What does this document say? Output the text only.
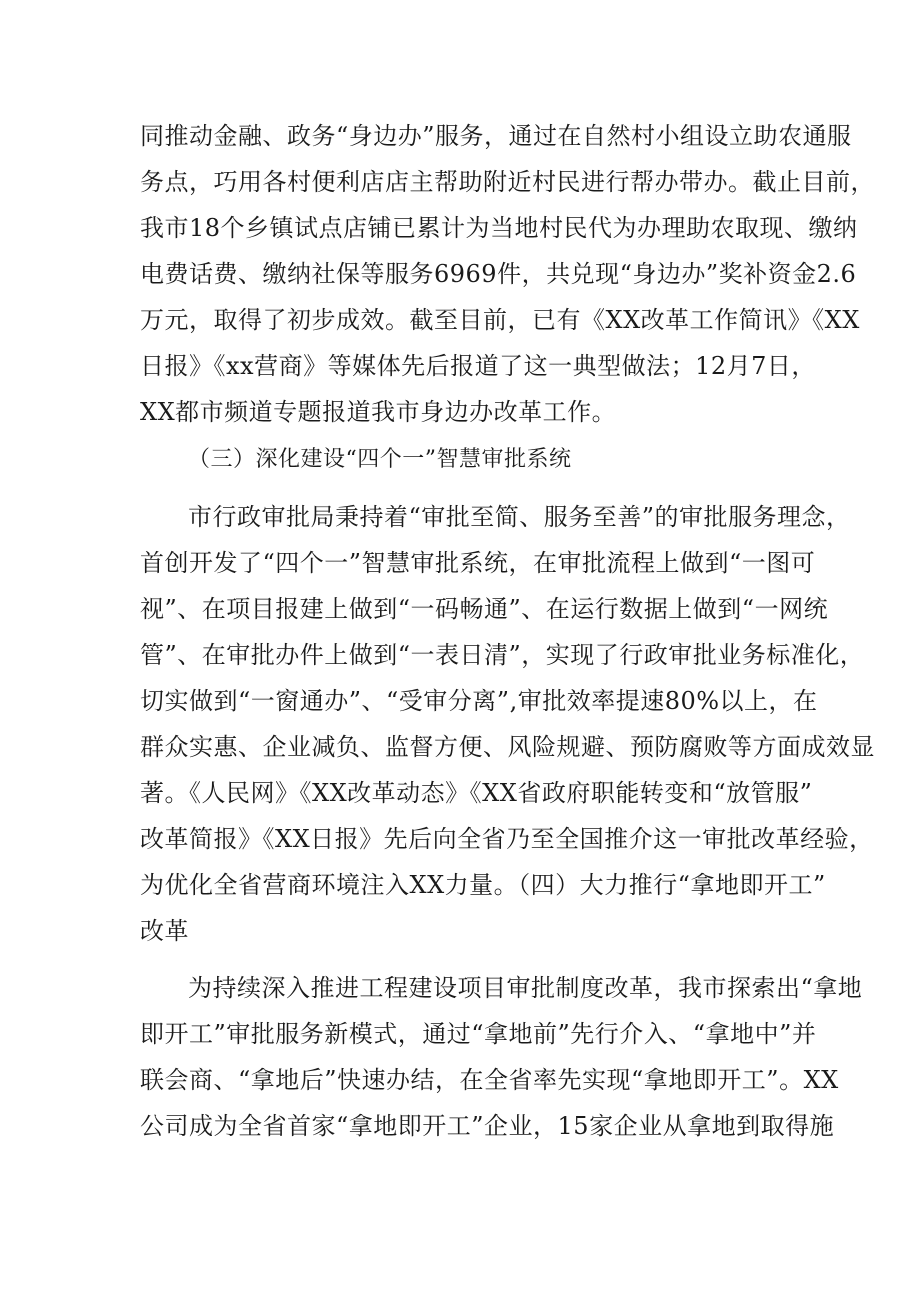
同推动金融、政务“身边办”服务，通过在自然村小组设立助农通服
务点，巧用各村便利店店主帮助附近村民进行帮办带办。截止目前，
我市18个乡镇试点店铺已累计为当地村民代为办理助农取现、缴纳
电费话费、缴纳社保等服务6969件，共兑现“身边办”奖补资金2.6
万元，取得了初步成效。截至目前，已有《XX改革工作简讯》《XX
日报》《xx营商》等媒体先后报道了这一典型做法；12月7日，
XX都市频道专题报道我市身边办改革工作。
（三）深化建设“四个一”智慧审批系统
市行政审批局秉持着“审批至简、服务至善”的审批服务理念，
首创开发了“四个一”智慧审批系统，在审批流程上做到“一图可
视”、在项目报建上做到“一码畅通”、在运行数据上做到“一网统
管”、在审批办件上做到“一表日清”，实现了行政审批业务标准化，
切实做到“一窗通办”、“受审分离”,审批效率提速80%以上，在
群众实惠、企业减负、监督方便、风险规避、预防腐败等方面成效显
著。《人民网》《XX改革动态》《XX省政府职能转变和“放管服”
改革简报》《XX日报》先后向全省乃至全国推介这一审批改革经验，
为优化全省营商环境注入XX力量。（四）大力推行“拿地即开工”
改革
为持续深入推进工程建设项目审批制度改革，我市探索出“拿地
即开工”审批服务新模式，通过“拿地前”先行介入、“拿地中”并
联会商、“拿地后”快速办结，在全省率先实现“拿地即开工”。XX
公司成为全省首家“拿地即开工”企业，15家企业从拿地到取得施
